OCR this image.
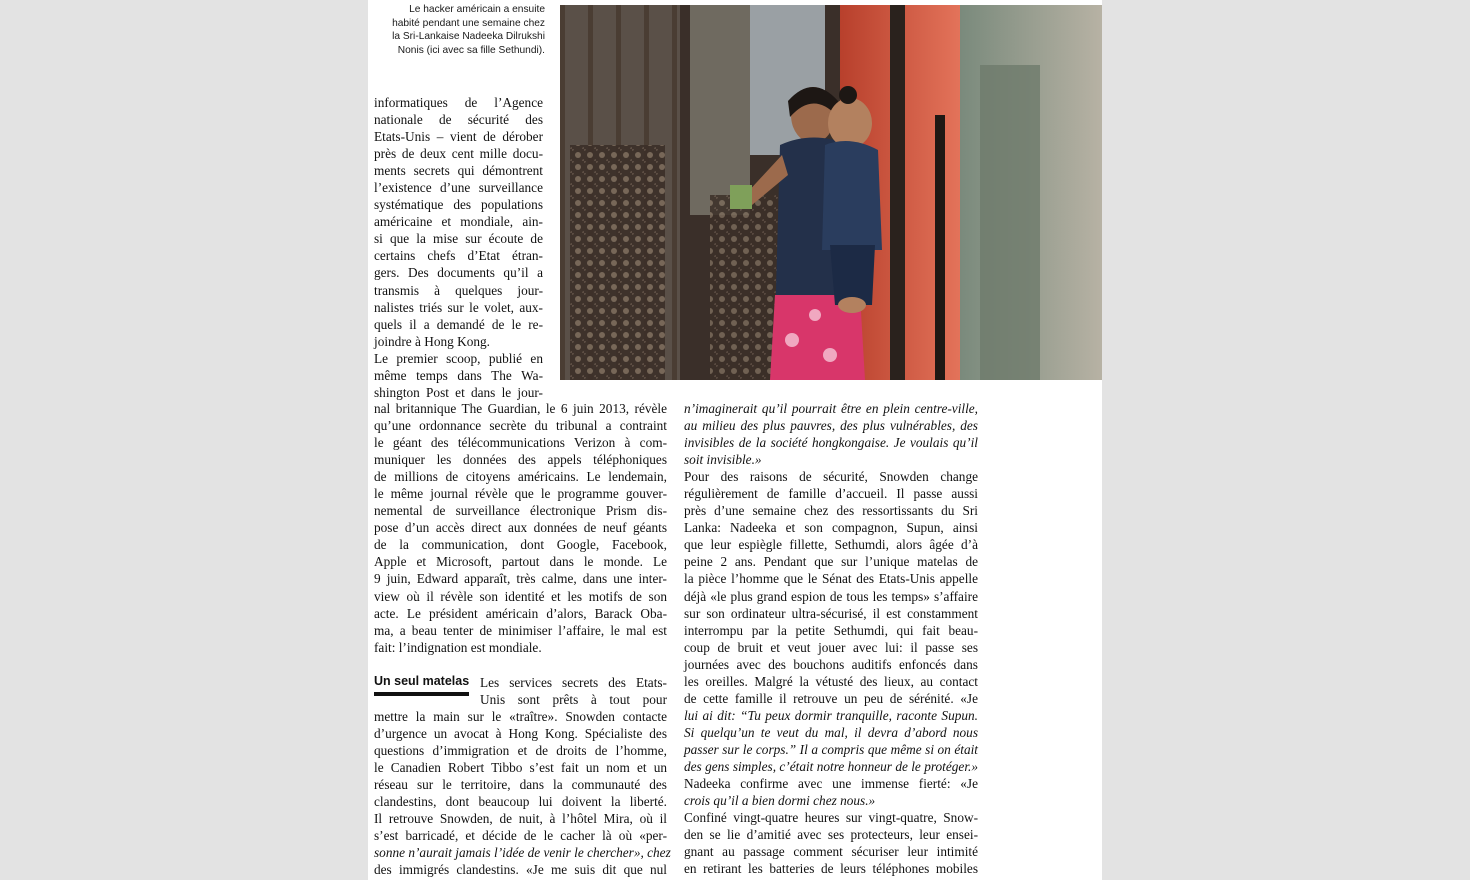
Le hacker américain a ensuite
habité pendant une semaine chez
la Sri-Lankaise Nadeeka Dilrukshi
Nonis (ici avec sa fille Sethundi).
informatiques de l’Agence
nationale de sécurité des
Etats-Unis – vient de dérober
près de deux cent mille docu-
ments secrets qui démontrent
l’existence d’une surveillance
systématique des populations
américaine et mondiale, ain-
si que la mise sur écoute de
certains chefs d’Etat étran-
gers. Des documents qu’il a
transmis à quelques jour-
nalistes triés sur le volet, aux-
quels il a demandé de le re-
joindre à Hong Kong.
Le premier scoop, publié en
même temps dans The Wa-
shington Post et dans le jour-
nal britannique The Guardian, le 6 juin 2013, révèle
qu’une ordonnance secrète du tribunal a contraint
le géant des télécommunications Verizon à com-
muniquer les données des appels téléphoniques
de millions de citoyens américains. Le lendemain,
le même journal révèle que le programme gouver-
nemental de surveillance électronique Prism dis-
pose d’un accès direct aux données de neuf géants
de la communication, dont Google, Facebook,
Apple et Microsoft, partout dans le monde. Le
9 juin, Edward apparaît, très calme, dans une inter-
view où il révèle son identité et les motifs de son
acte. Le président américain d’alors, Barack Oba-
ma, a beau tenter de minimiser l’affaire, le mal est
fait: l’indignation est mondiale.
Un seul matelas Les services secrets des Etats-
Unis sont prêts à tout pour
mettre la main sur le «traître». Snowden contacte
d’urgence un avocat à Hong Kong. Spécialiste des
questions d’immigration et de droits de l’homme,
le Canadien Robert Tibbo s’est fait un nom et un
réseau sur le territoire, dans la communauté des
clandestins, dont beaucoup lui doivent la liberté.
Il retrouve Snowden, de nuit, à l’hôtel Mira, où il
s’est barricadé, et décide de le cacher là où «per-
sonne n’aurait jamais l’idée de venir le chercher», chez
des immigrés clandestins. «Je me suis dit que nul
n’imaginerait qu’il pourrait être en plein centre-ville,
au milieu des plus pauvres, des plus vulnérables, des
invisibles de la société hongkongaise. Je voulais qu’il
soit invisible.»
Pour des raisons de sécurité, Snowden change
régulièrement de famille d’accueil. Il passe aussi
près d’une semaine chez des ressortissants du Sri
Lanka: Nadeeka et son compagnon, Supun, ainsi
que leur espiègle fillette, Sethumdi, alors âgée d’à
peine 2 ans. Pendant que sur l’unique matelas de
la pièce l’homme que le Sénat des Etats-Unis appelle
déjà «le plus grand espion de tous les temps» s’affaire
sur son ordinateur ultra-sécurisé, il est constamment
interrompu par la petite Sethumdi, qui fait beau-
coup de bruit et veut jouer avec lui: il passe ses
journées avec des bouchons auditifs enfoncés dans
les oreilles. Malgré la vétusté des lieux, au contact
de cette famille il retrouve un peu de sérénité. «Je
lui ai dit: “Tu peux dormir tranquille, raconte Supun.
Si quelqu’un te veut du mal, il devra d’abord nous
passer sur le corps.” Il a compris que même si on était
des gens simples, c’était notre honneur de le protéger.»
Nadeeka confirme avec une immense fierté: «Je
crois qu’il a bien dormi chez nous.»
Confiné vingt-quatre heures sur vingt-quatre, Snow-
den se lie d’amitié avec ses protecteurs, leur ensei-
gnant au passage comment sécuriser leur intimité
en retirant les batteries de leurs téléphones mobiles
